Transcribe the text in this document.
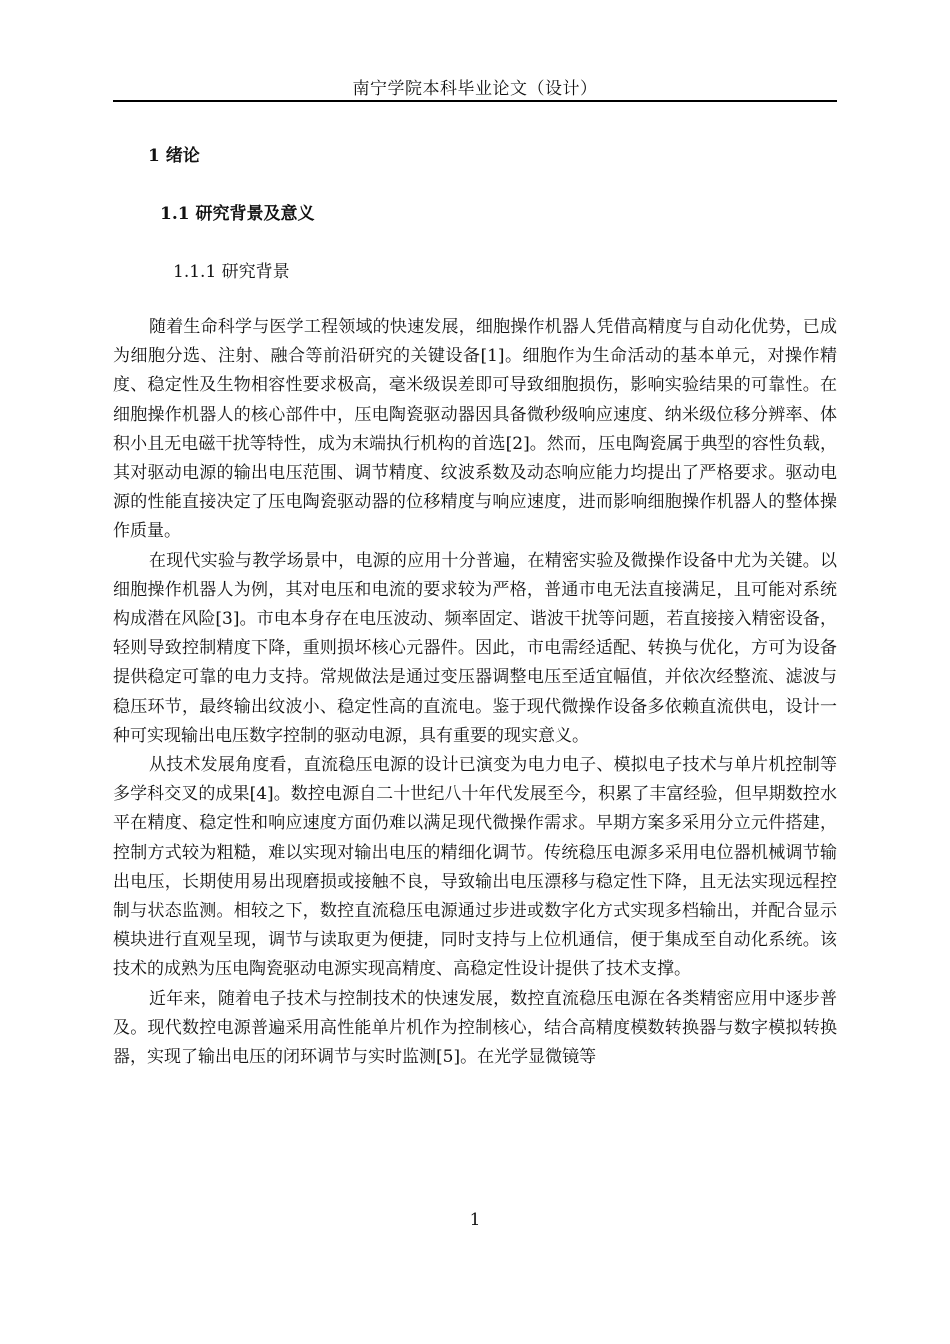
南宁学院本科毕业论文（设计）
1 绪论
1.1 研究背景及意义
1.1.1 研究背景

随着生命科学与医学工程领域的快速发展，细胞操作机器人凭借高精度与自动化优势，已成为细胞分选、注射、融合等前沿研究的关键设备[1]。细胞作为生命活动的基本单元，对操作精度、稳定性及生物相容性要求极高，毫米级误差即可导致细胞损伤，影响实验结果的可靠性。在细胞操作机器人的核心部件中，压电陶瓷驱动器因具备微秒级响应速度、纳米级位移分辨率、体积小且无电磁干扰等特性，成为末端执行机构的首选[2]。然而，压电陶瓷属于典型的容性负载，其对驱动电源的输出电压范围、调节精度、纹波系数及动态响应能力均提出了严格要求。驱动电源的性能直接决定了压电陶瓷驱动器的位移精度与响应速度，进而影响细胞操作机器人的整体操作质量。

在现代实验与教学场景中，电源的应用十分普遍，在精密实验及微操作设备中尤为关键。以细胞操作机器人为例，其对电压和电流的要求较为严格，普通市电无法直接满足，且可能对系统构成潜在风险[3]。市电本身存在电压波动、频率固定、谐波干扰等问题，若直接接入精密设备，轻则导致控制精度下降，重则损坏核心元器件。因此，市电需经适配、转换与优化，方可为设备提供稳定可靠的电力支持。常规做法是通过变压器调整电压至适宜幅值，并依次经整流、滤波与稳压环节，最终输出纹波小、稳定性高的直流电。鉴于现代微操作设备多依赖直流供电，设计一种可实现输出电压数字控制的驱动电源，具有重要的现实意义。

从技术发展角度看，直流稳压电源的设计已演变为电力电子、模拟电子技术与单片机控制等多学科交叉的成果[4]。数控电源自二十世纪八十年代发展至今，积累了丰富经验，但早期数控水平在精度、稳定性和响应速度方面仍难以满足现代微操作需求。早期方案多采用分立元件搭建，控制方式较为粗糙，难以实现对输出电压的精细化调节。传统稳压电源多采用电位器机械调节输出电压，长期使用易出现磨损或接触不良，导致输出电压漂移与稳定性下降，且无法实现远程控制与状态监测。相较之下，数控直流稳压电源通过步进或数字化方式实现多档输出，并配合显示模块进行直观呈现，调节与读取更为便捷，同时支持与上位机通信，便于集成至自动化系统。该技术的成熟为压电陶瓷驱动电源实现高精度、高稳定性设计提供了技术支撑。

近年来，随着电子技术与控制技术的快速发展，数控直流稳压电源在各类精密应用中逐步普及。现代数控电源普遍采用高性能单片机作为控制核心，结合高精度模数转换器与数字模拟转换器，实现了输出电压的闭环调节与实时监测[5]。在光学显微镜等

1
